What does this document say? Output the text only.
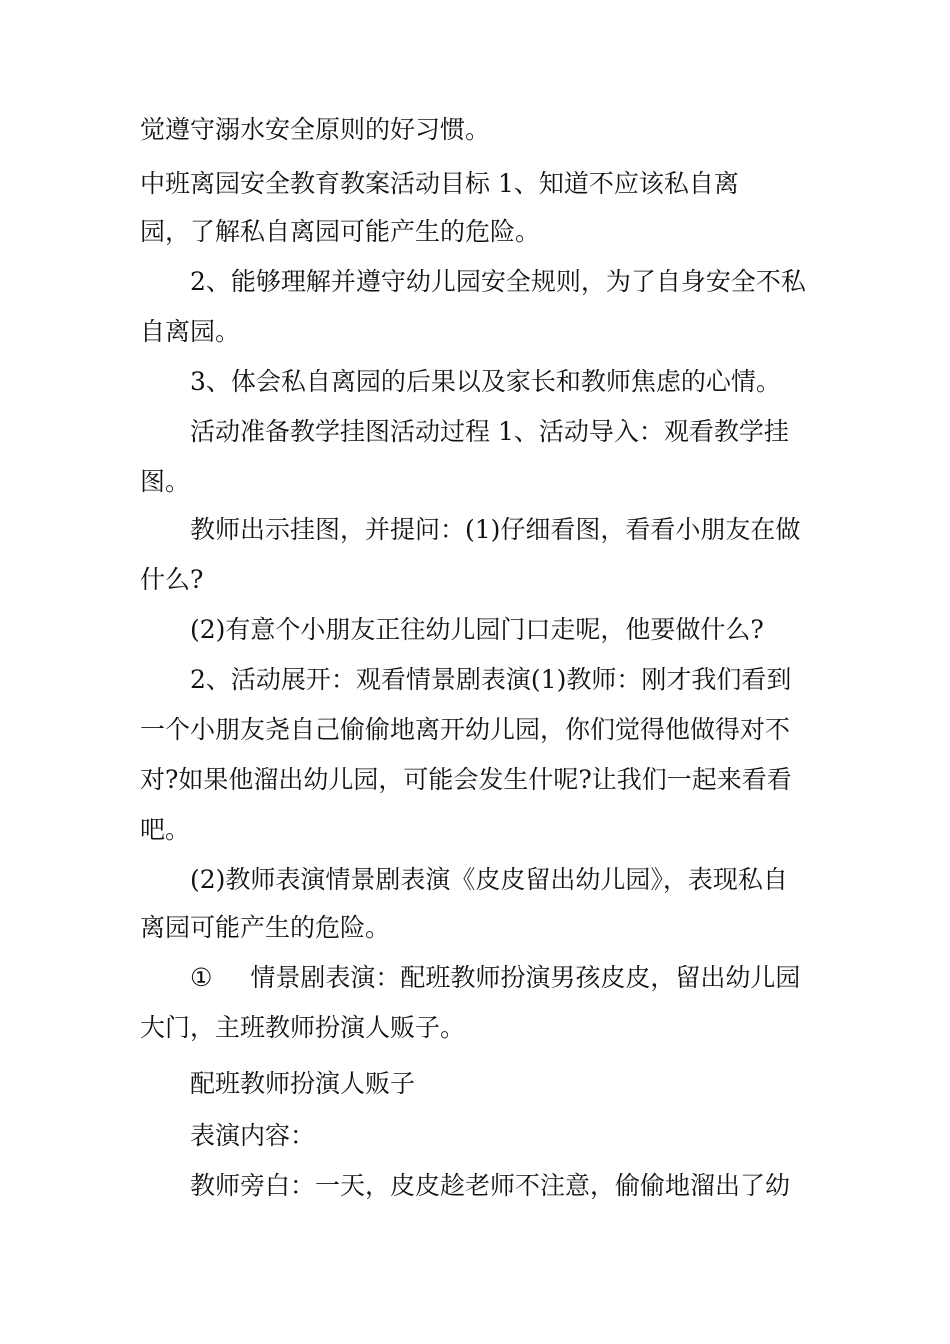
觉遵守溺水安全原则的好习惯。
中班离园安全教育教案活动目标 1、知道不应该私自离
园，了解私自离园可能产生的危险。
2、能够理解并遵守幼儿园安全规则，为了自身安全不私
自离园。
3、体会私自离园的后果以及家长和教师焦虑的心情。
活动准备教学挂图活动过程 1、活动导入：观看教学挂
图。
教师出示挂图，并提问：(1)仔细看图，看看小朋友在做
什么?
(2)有意个小朋友正往幼儿园门口走呢，他要做什么?
2、活动展开：观看情景剧表演(1)教师：刚才我们看到
一个小朋友尧自己偷偷地离开幼儿园，你们觉得他做得对不
对?如果他溜出幼儿园，可能会发生什呢?让我们一起来看看
吧。
(2)教师表演情景剧表演《皮皮留出幼儿园》，表现私自
离园可能产生的危险。
① 情景剧表演：配班教师扮演男孩皮皮，留出幼儿园
大门，主班教师扮演人贩子。
配班教师扮演人贩子
表演内容：
教师旁白：一天，皮皮趁老师不注意，偷偷地溜出了幼
